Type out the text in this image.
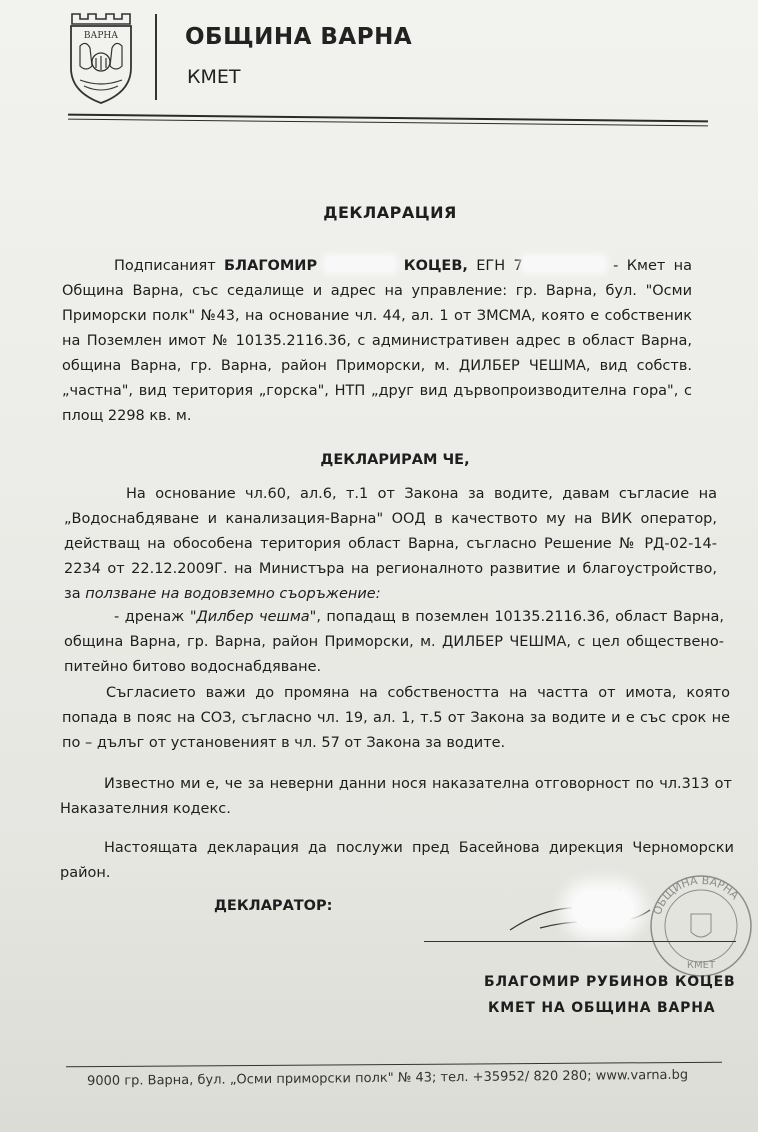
ВАРНА	ОБЩИНА ВАРНА
КМЕТ
ДЕКЛАРАЦИЯ
Подписаният БЛАГОМИР	КОЦЕВ, ЕГН 7	- Кмет на Община Варна, със седалище и адрес на управление: гр. Варна, бул. "Осми Приморски полк" №43, на основание чл. 44, ал. 1 от ЗМСМА, която е собственик на Поземлен имот № 10135.2116.36, с административен адрес в област Варна, община Варна, гр. Варна, район Приморски, м. ДИЛБЕР ЧЕШМА, вид собств. „частна", вид територия „горска", НТП „друг вид дървопроизводителна гора", с площ 2298 кв. м.
ДЕКЛАРИРАМ ЧЕ,
На основание чл.60, ал.6, т.1 от Закона за водите, давам съгласие на „Водоснабдяване и канализация-Варна" ООД в качеството му на ВИК оператор, действащ на обособена територия област Варна, съгласно Решение № РД-02-14-2234 от 22.12.2009Г. на Министъра на регионалното развитие и благоустройство, за ползване на водовземно съоръжение:
- дренаж "Дилбер чешма", попадащ в поземлен 10135.2116.36, област Варна, община Варна, гр. Варна, район Приморски, м. ДИЛБЕР ЧЕШМА, с цел обществено-питейно битово водоснабдяване.
Съгласието важи до промяна на собствеността на частта от имота, която попада в пояс на СОЗ, съгласно чл. 19, ал. 1, т.5 от Закона за водите и е със срок не по – дълъг от установеният в чл. 57 от Закона за водите.
Известно ми е, че за неверни данни нося наказателна отговорност по чл.313 от Наказателния кодекс.
Настоящата декларация да послужи пред Басейнова дирекция Черноморски район.
ДЕКЛАРАТОР:	ОБЩИНА ВАРНА
КМЕТ
БЛАГОМИР РУБИНОВ КОЦЕВ
КМЕТ НА ОБЩИНА ВАРНА
9000 гр. Варна, бул. „Осми приморски полк" № 43; тел. +35952/ 820 280; www.varna.bg
